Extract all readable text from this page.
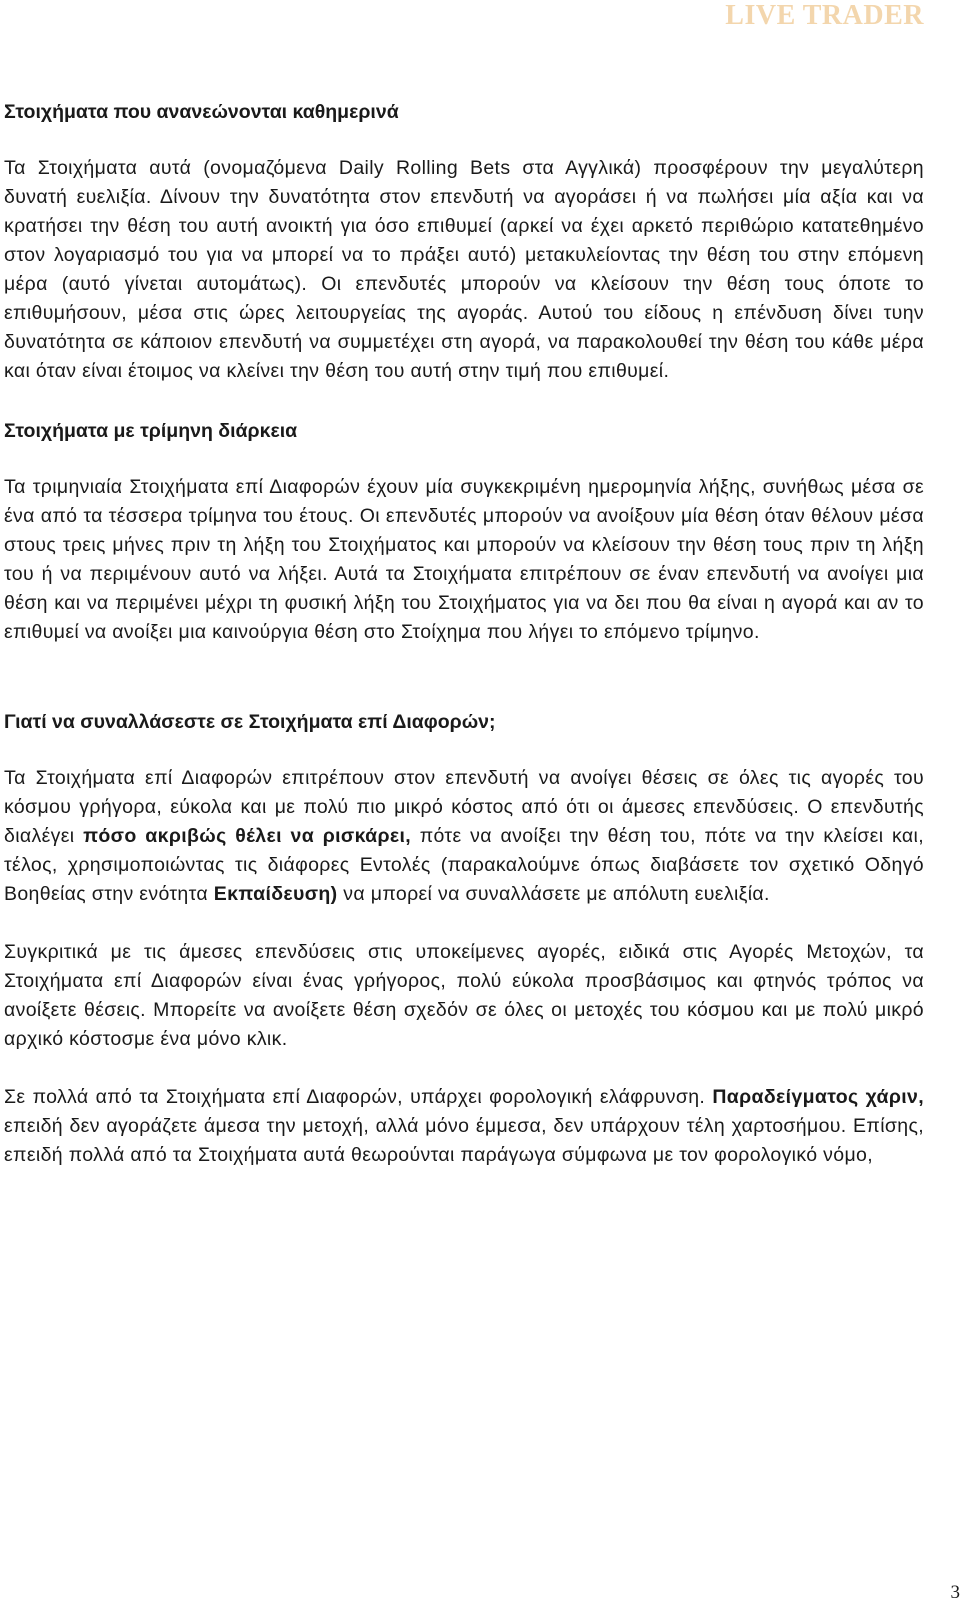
LIVE TRADER

Στοιχήματα που ανανεώνονται καθημερινά

Τα Στοιχήματα αυτά (ονομαζόμενα Daily Rolling Bets στα Αγγλικά) προσφέρουν την μεγαλύτερη δυνατή ευελιξία. Δίνουν την δυνατότητα στον επενδυτή να αγοράσει ή να πωλήσει μία αξία και να κρατήσει την θέση του αυτή ανοικτή για όσο επιθυμεί (αρκεί να έχει αρκετό περιθώριο κατατεθημένο στον λογαριασμό του για να μπορεί να το πράξει αυτό) μετακυλείοντας την θέση του στην επόμενη μέρα (αυτό γίνεται αυτομάτως). Οι επενδυτές μπορούν να κλείσουν την θέση τους όποτε το επιθυμήσουν, μέσα στις ώρες λειτουργείας της αγοράς. Αυτού του είδους η επένδυση δίνει τυην δυνατότητα σε κάποιον επενδυτή να συμμετέχει στη αγορά, να παρακολουθεί την θέση του κάθε μέρα και όταν είναι έτοιμος να κλείνει την θέση του αυτή στην τιμή που επιθυμεί.

Στοιχήματα με τρίμηνη διάρκεια

Τα τριμηνιαία Στοιχήματα επί Διαφορών έχουν μία συγκεκριμένη ημερομηνία λήξης, συνήθως μέσα σε ένα από τα τέσσερα τρίμηνα του έτους. Οι επενδυτές μπορούν να ανοίξουν μία θέση όταν θέλουν μέσα στους τρεις μήνες πριν τη λήξη του Στοιχήματος και μπορούν να κλείσουν την θέση τους πριν τη λήξη του ή να περιμένουν αυτό να λήξει. Αυτά τα Στοιχήματα επιτρέπουν σε έναν επενδυτή να ανοίγει μια θέση και να περιμένει μέχρι τη φυσική λήξη του Στοιχήματος για να δει που θα είναι η αγορά και αν το επιθυμεί να ανοίξει μια καινούργια θέση στο Στοίχημα που λήγει το επόμενο τρίμηνο.

Γιατί να συναλλάσεστε σε Στοιχήματα επί Διαφορών;

Τα Στοιχήματα επί Διαφορών επιτρέπουν στον επενδυτή να ανοίγει θέσεις σε όλες τις αγορές του κόσμου γρήγορα, εύκολα και με πολύ πιο μικρό κόστος από ότι οι άμεσες επενδύσεις. Ο επενδυτής διαλέγει πόσο ακριβώς θέλει να ρισκάρει, πότε να ανοίξει την θέση του, πότε να την κλείσει και, τέλος, χρησιμοποιώντας τις διάφορες Εντολές (παρακαλούμνε όπως διαβάσετε τον σχετικό Οδηγό Βοηθείας στην ενότητα Εκπαίδευση) να μπορεί να συναλλάσετε με απόλυτη ευελιξία.

Συγκριτικά με τις άμεσες επενδύσεις στις υποκείμενες αγορές, ειδικά στις Αγορές Μετοχών, τα Στοιχήματα επί Διαφορών είναι ένας γρήγορος, πολύ εύκολα προσβάσιμος και φτηνός τρόπος να ανοίξετε θέσεις. Μπορείτε να ανοίξετε θέση σχεδόν σε όλες οι μετοχές του κόσμου και με πολύ μικρό αρχικό κόστοσμε ένα μόνο κλικ.

Σε πολλά από τα Στοιχήματα επί Διαφορών, υπάρχει φορολογική ελάφρυνση. Παραδείγματος χάριν, επειδή δεν αγοράζετε άμεσα την μετοχή, αλλά μόνο έμμεσα, δεν υπάρχουν τέλη χαρτοσήμου. Επίσης, επειδή πολλά από τα Στοιχήματα αυτά θεωρούνται παράγωγα σύμφωνα με τον φορολογικό νόμο,

3
